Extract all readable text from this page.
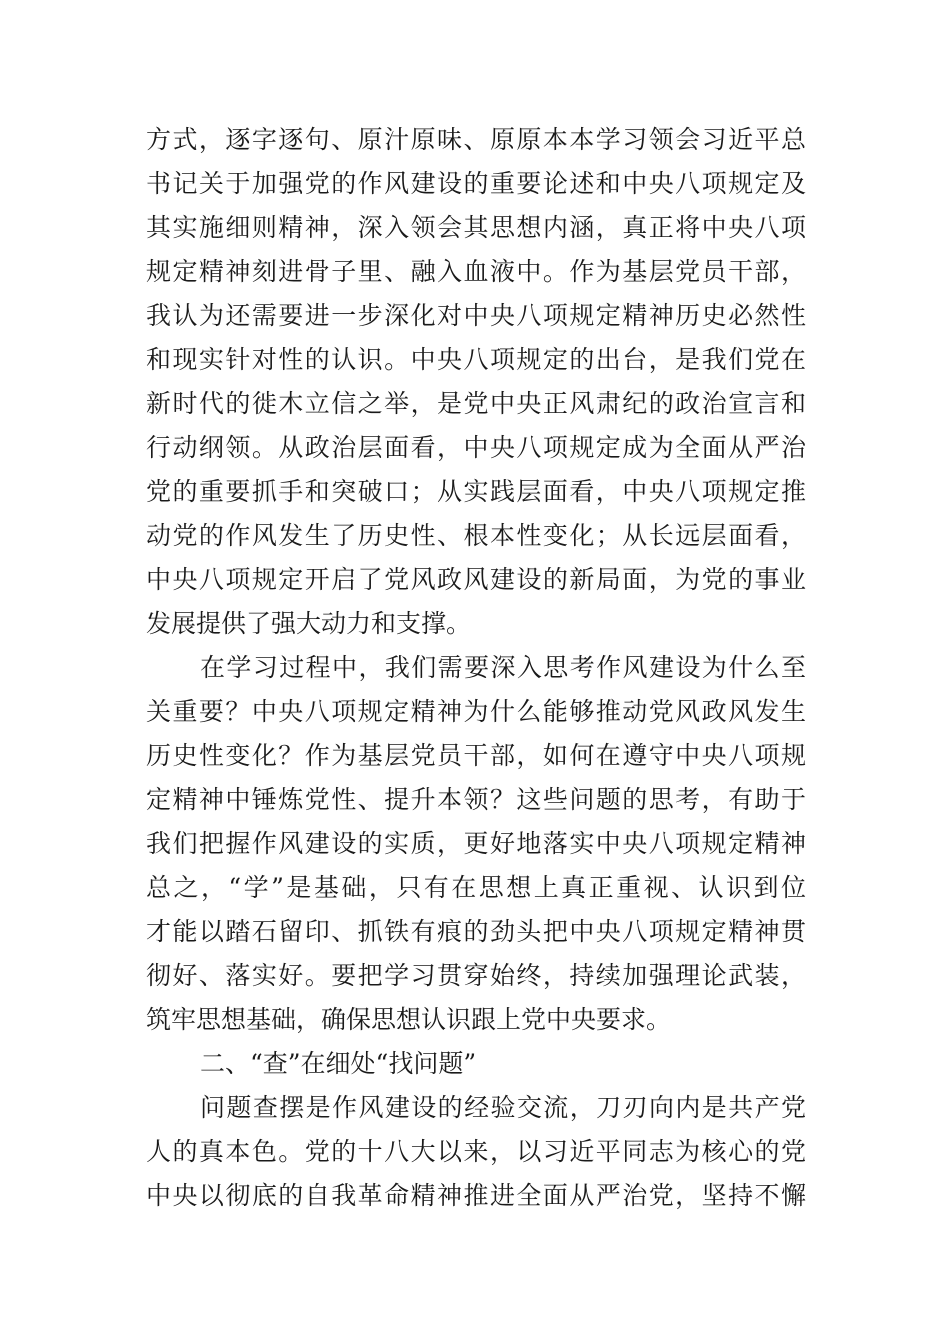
方式，逐字逐句、原汁原味、原原本本学习领会习近平总
书记关于加强党的作风建设的重要论述和中央八项规定及
其实施细则精神，深入领会其思想内涵，真正将中央八项
规定精神刻进骨子里、融入血液中。作为基层党员干部，
我认为还需要进一步深化对中央八项规定精神历史必然性
和现实针对性的认识。中央八项规定的出台，是我们党在
新时代的徙木立信之举，是党中央正风肃纪的政治宣言和
行动纲领。从政治层面看，中央八项规定成为全面从严治
党的重要抓手和突破口；从实践层面看，中央八项规定推
动党的作风发生了历史性、根本性变化；从长远层面看，
中央八项规定开启了党风政风建设的新局面，为党的事业
发展提供了强大动力和支撑。
在学习过程中，我们需要深入思考作风建设为什么至
关重要？中央八项规定精神为什么能够推动党风政风发生
历史性变化？作为基层党员干部，如何在遵守中央八项规
定精神中锤炼党性、提升本领？这些问题的思考，有助于
我们把握作风建设的实质，更好地落实中央八项规定精神
总之，“学”是基础，只有在思想上真正重视、认识到位
才能以踏石留印、抓铁有痕的劲头把中央八项规定精神贯
彻好、落实好。要把学习贯穿始终，持续加强理论武装，
筑牢思想基础，确保思想认识跟上党中央要求。
二、“查”在细处“找问题”
问题查摆是作风建设的经验交流，刀刃向内是共产党
人的真本色。党的十八大以来，以习近平同志为核心的党
中央以彻底的自我革命精神推进全面从严治党，坚持不懈
